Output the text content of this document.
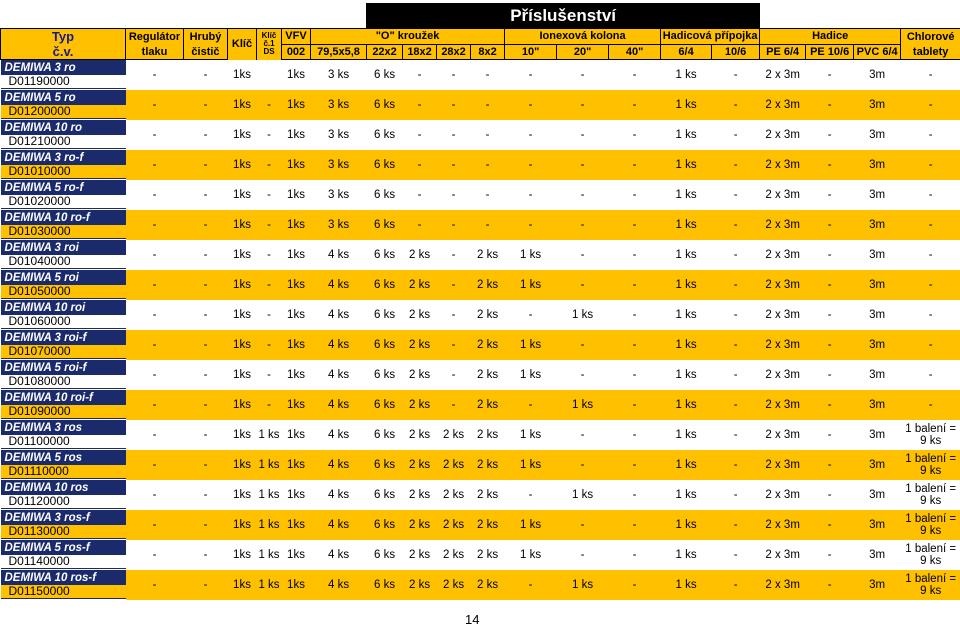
							Příslušenství												
Typ	Regulátor	Hrubý	Klíč	Klíč
č.1
DS	VFV	"O" kroužek					Ionexová kolona			Hadicová přípojka		Hadice			Chlorové
č.v.	tlaku	čistič			002	79,5x5,8	22x2	18x2	28x2	8x2	10"	20"	40"	6/4	10/6	PE 6/4	PE 10/6	PVC 6/4	tablety

DEMIWA 3 ro
D01190000	-	-	1ks		1ks	3 ks	6 ks	-	-	-	-	-	-	1 ks	-	2 x 3m	-	3m	-

DEMIWA 5 ro
D01200000	-	-	1ks	-	1ks	3 ks	6 ks	-	-	-	-	-	-	1 ks	-	2 x 3m	-	3m	-

DEMIWA 10 ro
D01210000	-	-	1ks	-	1ks	3 ks	6 ks	-	-	-	-	-	-	1 ks	-	2 x 3m	-	3m	-

DEMIWA 3 ro-f
D01010000	-	-	1ks	-	1ks	3 ks	6 ks	-	-	-	-	-	-	1 ks	-	2 x 3m	-	3m	-

DEMIWA 5 ro-f
D01020000	-	-	1ks	-	1ks	3 ks	6 ks	-	-	-	-	-	-	1 ks	-	2 x 3m	-	3m	-

DEMIWA 10 ro-f
D01030000	-	-	1ks	-	1ks	3 ks	6 ks	-	-	-	-	-	-	1 ks	-	2 x 3m	-	3m	-

DEMIWA 3 roi
D01040000	-	-	1ks	-	1ks	4 ks	6 ks	2 ks	-	2 ks	1 ks	-	-	1 ks	-	2 x 3m	-	3m	-

DEMIWA 5 roi
D01050000	-	-	1ks	-	1ks	4 ks	6 ks	2 ks	-	2 ks	1 ks	-	-	1 ks	-	2 x 3m	-	3m	-

DEMIWA 10 roi
D01060000	-	-	1ks	-	1ks	4 ks	6 ks	2 ks	-	2 ks	-	1 ks	-	1 ks	-	2 x 3m	-	3m	-

DEMIWA 3 roi-f
D01070000	-	-	1ks	-	1ks	4 ks	6 ks	2 ks	-	2 ks	1 ks	-	-	1 ks	-	2 x 3m	-	3m	-

DEMIWA 5 roi-f
D01080000	-	-	1ks	-	1ks	4 ks	6 ks	2 ks	-	2 ks	1 ks	-	-	1 ks	-	2 x 3m	-	3m	-

DEMIWA 10 roi-f
D01090000	-	-	1ks	-	1ks	4 ks	6 ks	2 ks	-	2 ks	-	1 ks	-	1 ks	-	2 x 3m	-	3m	-

DEMIWA 3 ros
D01100000	-	-	1ks	1 ks	1ks	4 ks	6 ks	2 ks	2 ks	2 ks	1 ks	-	-	1 ks	-	2 x 3m	-	3m	1 balení =
9 ks

DEMIWA 5 ros
D01110000	-	-	1ks	1 ks	1ks	4 ks	6 ks	2 ks	2 ks	2 ks	1 ks	-	-	1 ks	-	2 x 3m	-	3m	1 balení =
9 ks

DEMIWA 10 ros
D01120000	-	-	1ks	1 ks	1ks	4 ks	6 ks	2 ks	2 ks	2 ks	-	1 ks	-	1 ks	-	2 x 3m	-	3m	1 balení =
9 ks

DEMIWA 3 ros-f
D01130000	-	-	1ks	1 ks	1ks	4 ks	6 ks	2 ks	2 ks	2 ks	1 ks	-	-	1 ks	-	2 x 3m	-	3m	1 balení =
9 ks

DEMIWA 5 ros-f
D01140000	-	-	1ks	1 ks	1ks	4 ks	6 ks	2 ks	2 ks	2 ks	1 ks	-	-	1 ks	-	2 x 3m	-	3m	1 balení =
9 ks

DEMIWA 10 ros-f
D01150000	-	-	1ks	1 ks	1ks	4 ks	6 ks	2 ks	2 ks	2 ks	-	1 ks	-	1 ks	-	2 x 3m	-	3m	1 balení =
9 ks
14
